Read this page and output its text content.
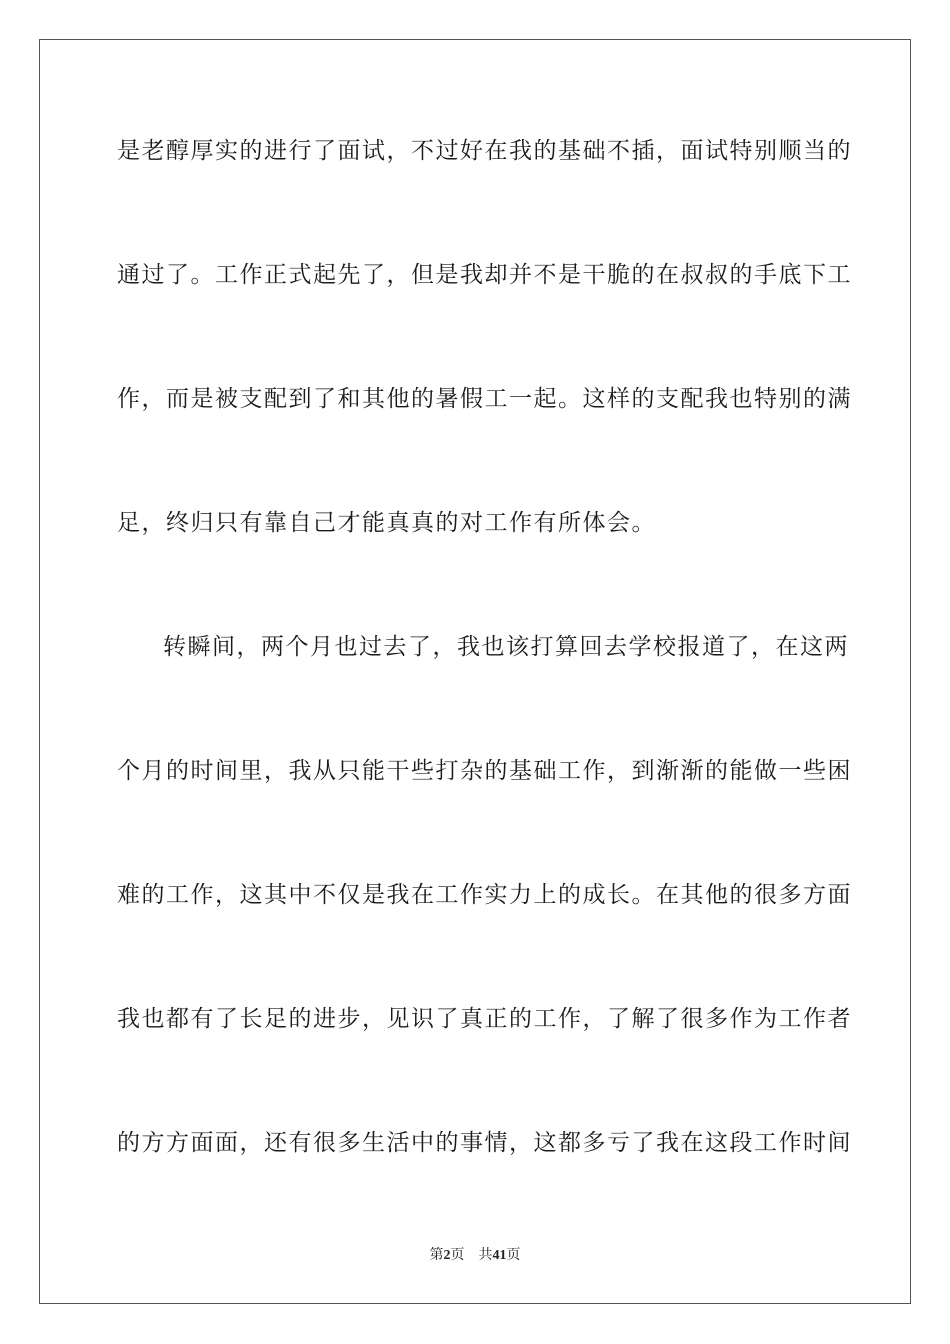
是老醇厚实的进行了面试，不过好在我的基础不插，面试特别顺当的
通过了。工作正式起先了，但是我却并不是干脆的在叔叔的手底下工
作，而是被支配到了和其他的暑假工一起。这样的支配我也特别的满
足，终归只有靠自己才能真真的对工作有所体会。
转瞬间，两个月也过去了，我也该打算回去学校报道了，在这两
个月的时间里，我从只能干些打杂的基础工作，到渐渐的能做一些困
难的工作，这其中不仅是我在工作实力上的成长。在其他的很多方面
我也都有了长足的进步，见识了真正的工作，了解了很多作为工作者
的方方面面，还有很多生活中的事情，这都多亏了我在这段工作时间
第2页 共41页
